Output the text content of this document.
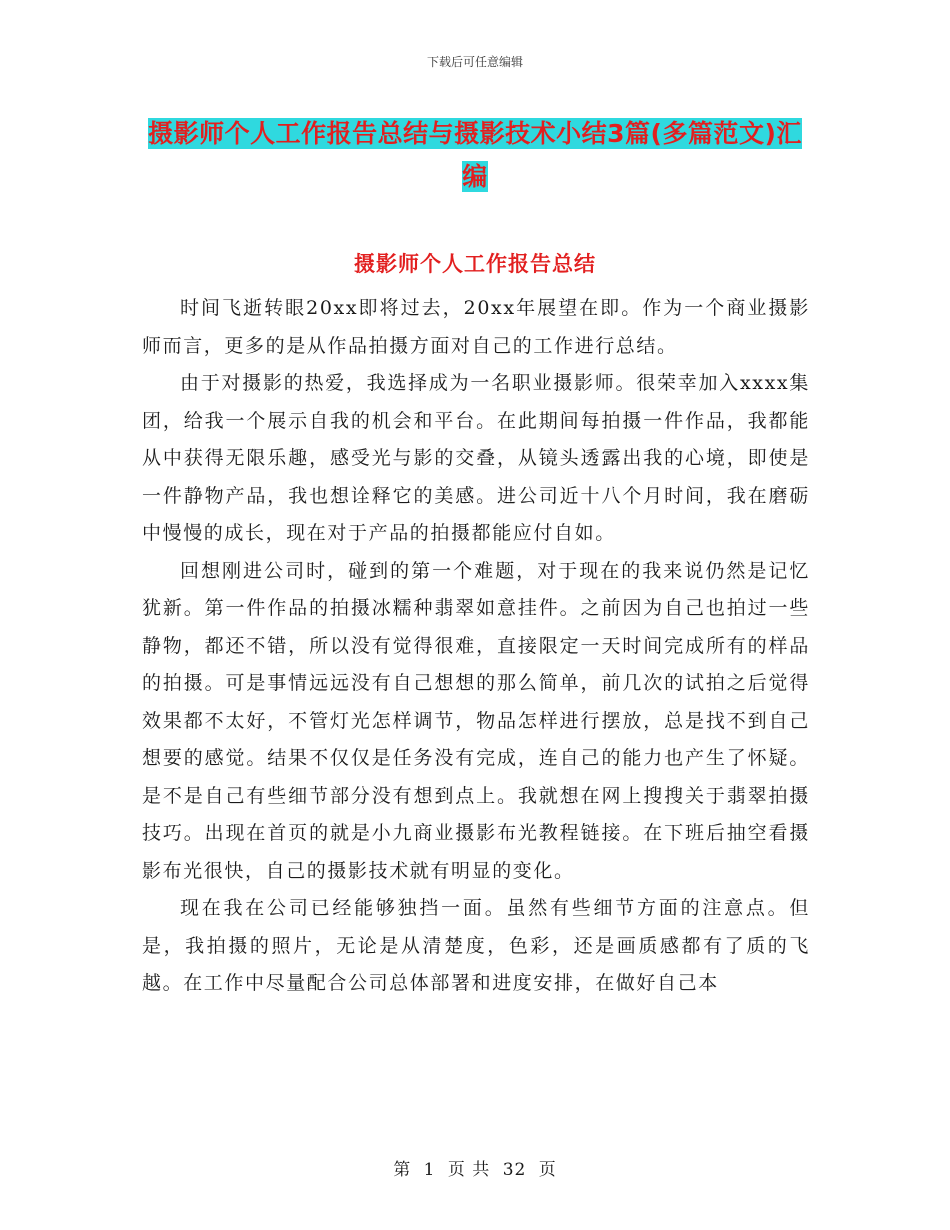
下载后可任意编辑
摄影师个人工作报告总结与摄影技术小结3篇(多篇范文)汇编
摄影师个人工作报告总结

时间飞逝转眼20xx即将过去，20xx年展望在即。作为一个商业摄影师而言，更多的是从作品拍摄方面对自己的工作进行总结。

由于对摄影的热爱，我选择成为一名职业摄影师。很荣幸加入xxxx集团，给我一个展示自我的机会和平台。在此期间每拍摄一件作品，我都能从中获得无限乐趣，感受光与影的交叠，从镜头透露出我的心境，即使是一件静物产品，我也想诠释它的美感。进公司近十八个月时间，我在磨砺中慢慢的成长，现在对于产品的拍摄都能应付自如。

回想刚进公司时，碰到的第一个难题，对于现在的我来说仍然是记忆犹新。第一件作品的拍摄冰糯种翡翠如意挂件。之前因为自己也拍过一些静物，都还不错，所以没有觉得很难，直接限定一天时间完成所有的样品的拍摄。可是事情远远没有自己想想的那么简单，前几次的试拍之后觉得效果都不太好，不管灯光怎样调节，物品怎样进行摆放，总是找不到自己想要的感觉。结果不仅仅是任务没有完成，连自己的能力也产生了怀疑。是不是自己有些细节部分没有想到点上。我就想在网上搜搜关于翡翠拍摄技巧。出现在首页的就是小九商业摄影布光教程链接。在下班后抽空看摄影布光很快，自己的摄影技术就有明显的变化。

现在我在公司已经能够独挡一面。虽然有些细节方面的注意点。但是，我拍摄的照片，无论是从清楚度，色彩，还是画质感都有了质的飞越。在工作中尽量配合公司总体部署和进度安排，在做好自己本

第 1 页 共 32 页
